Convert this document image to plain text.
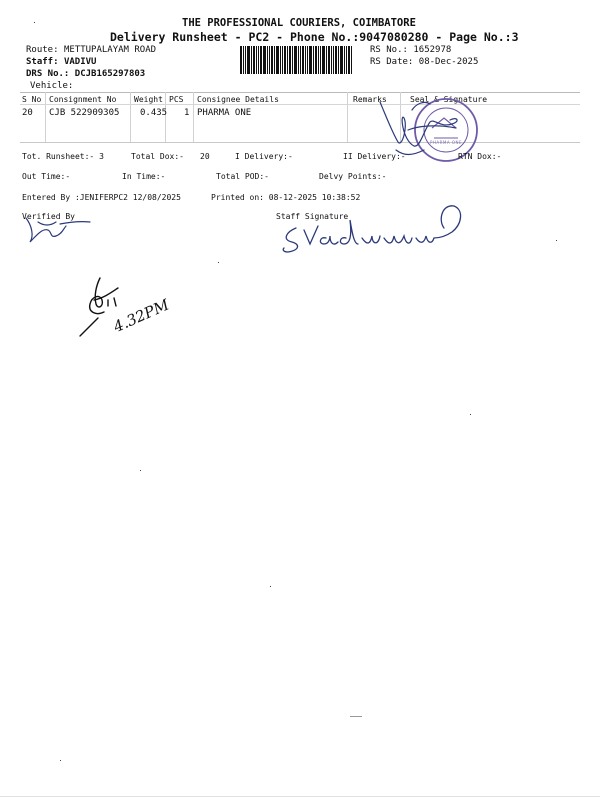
THE PROFESSIONAL COURIERS, COIMBATORE
Delivery Runsheet - PC2 - Phone No.:9047080280 - Page No.:3
Route: METTUPALAYAM ROAD
Staff: VADIVU
DRS No.: DCJB165297803
Vehicle:
RS No.: 1652978
RS Date: 08-Dec-2025
S No Consignment No Weight PCS Consignee Details	Remarks	Seal & Signature
20 CJB 522909305 0.435 1 PHARMA ONE
PHARMA ONE
Tot. Runsheet:- 3	Total Dox:- 20	I Delivery:-	II Delivery:-	RTN Dox:-
Out Time:-	In Time:-	Total POD:-	Delvy Points:-
Entered By :JENIFERPC2 12/08/2025	Printed on: 08-12-2025 10:38:52
Verified By	Staff Signature
4.32PM
